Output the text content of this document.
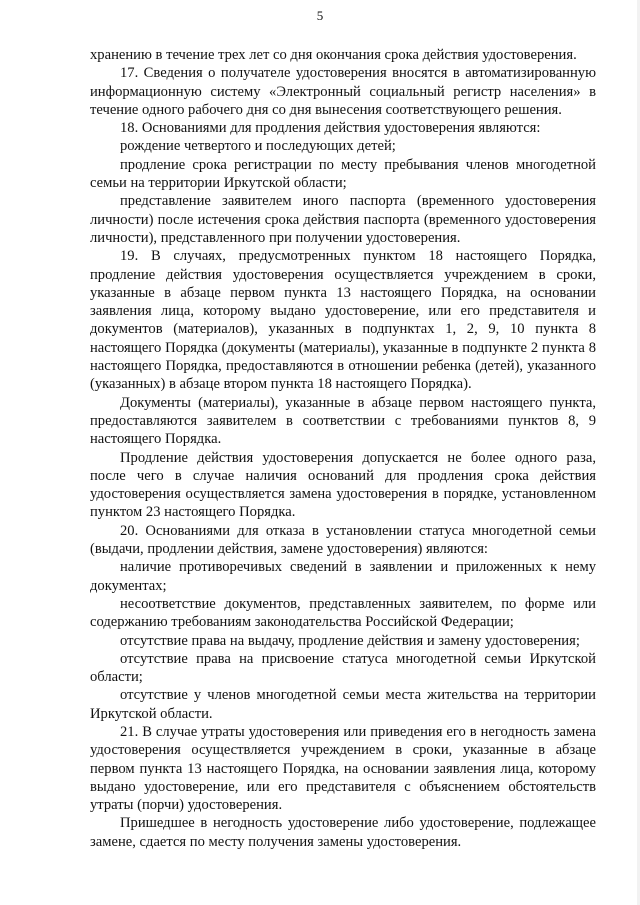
5

хранению в течение трех лет со дня окончания срока действия удостоверения.

17. Сведения о получателе удостоверения вносятся в автоматизированную информационную систему «Электронный социальный регистр населения» в течение одного рабочего дня со дня вынесения соответствующего решения.

18. Основаниями для продления действия удостоверения являются:

рождение четвертого и последующих детей;

продление срока регистрации по месту пребывания членов многодетной семьи на территории Иркутской области;

представление заявителем иного паспорта (временного удостоверения личности) после истечения срока действия паспорта (временного удостоверения личности), представленного при получении удостоверения.

19. В случаях, предусмотренных пунктом 18 настоящего Порядка, продление действия удостоверения осуществляется учреждением в сроки, указанные в абзаце первом пункта 13 настоящего Порядка, на основании заявления лица, которому выдано удостоверение, или его представителя и документов (материалов), указанных в подпунктах 1, 2, 9, 10 пункта 8 настоящего Порядка (документы (материалы), указанные в подпункте 2 пункта 8 настоящего Порядка, предоставляются в отношении ребенка (детей), указанного (указанных) в абзаце втором пункта 18 настоящего Порядка).

Документы (материалы), указанные в абзаце первом настоящего пункта, предоставляются заявителем в соответствии с требованиями пунктов 8, 9 настоящего Порядка.

Продление действия удостоверения допускается не более одного раза, после чего в случае наличия оснований для продления срока действия удостоверения осуществляется замена удостоверения в порядке, установленном пунктом 23 настоящего Порядка.

20. Основаниями для отказа в установлении статуса многодетной семьи (выдачи, продлении действия, замене удостоверения) являются:

наличие противоречивых сведений в заявлении и приложенных к нему документах;

несоответствие документов, представленных заявителем, по форме или содержанию требованиям законодательства Российской Федерации;

отсутствие права на выдачу, продление действия и замену удостоверения;

отсутствие права на присвоение статуса многодетной семьи Иркутской области;

отсутствие у членов многодетной семьи места жительства на территории Иркутской области.

21. В случае утраты удостоверения или приведения его в негодность замена удостоверения осуществляется учреждением в сроки, указанные в абзаце первом пункта 13 настоящего Порядка, на основании заявления лица, которому выдано удостоверение, или его представителя с объяснением обстоятельств утраты (порчи) удостоверения.

Пришедшее в негодность удостоверение либо удостоверение, подлежащее замене, сдается по месту получения замены удостоверения.
